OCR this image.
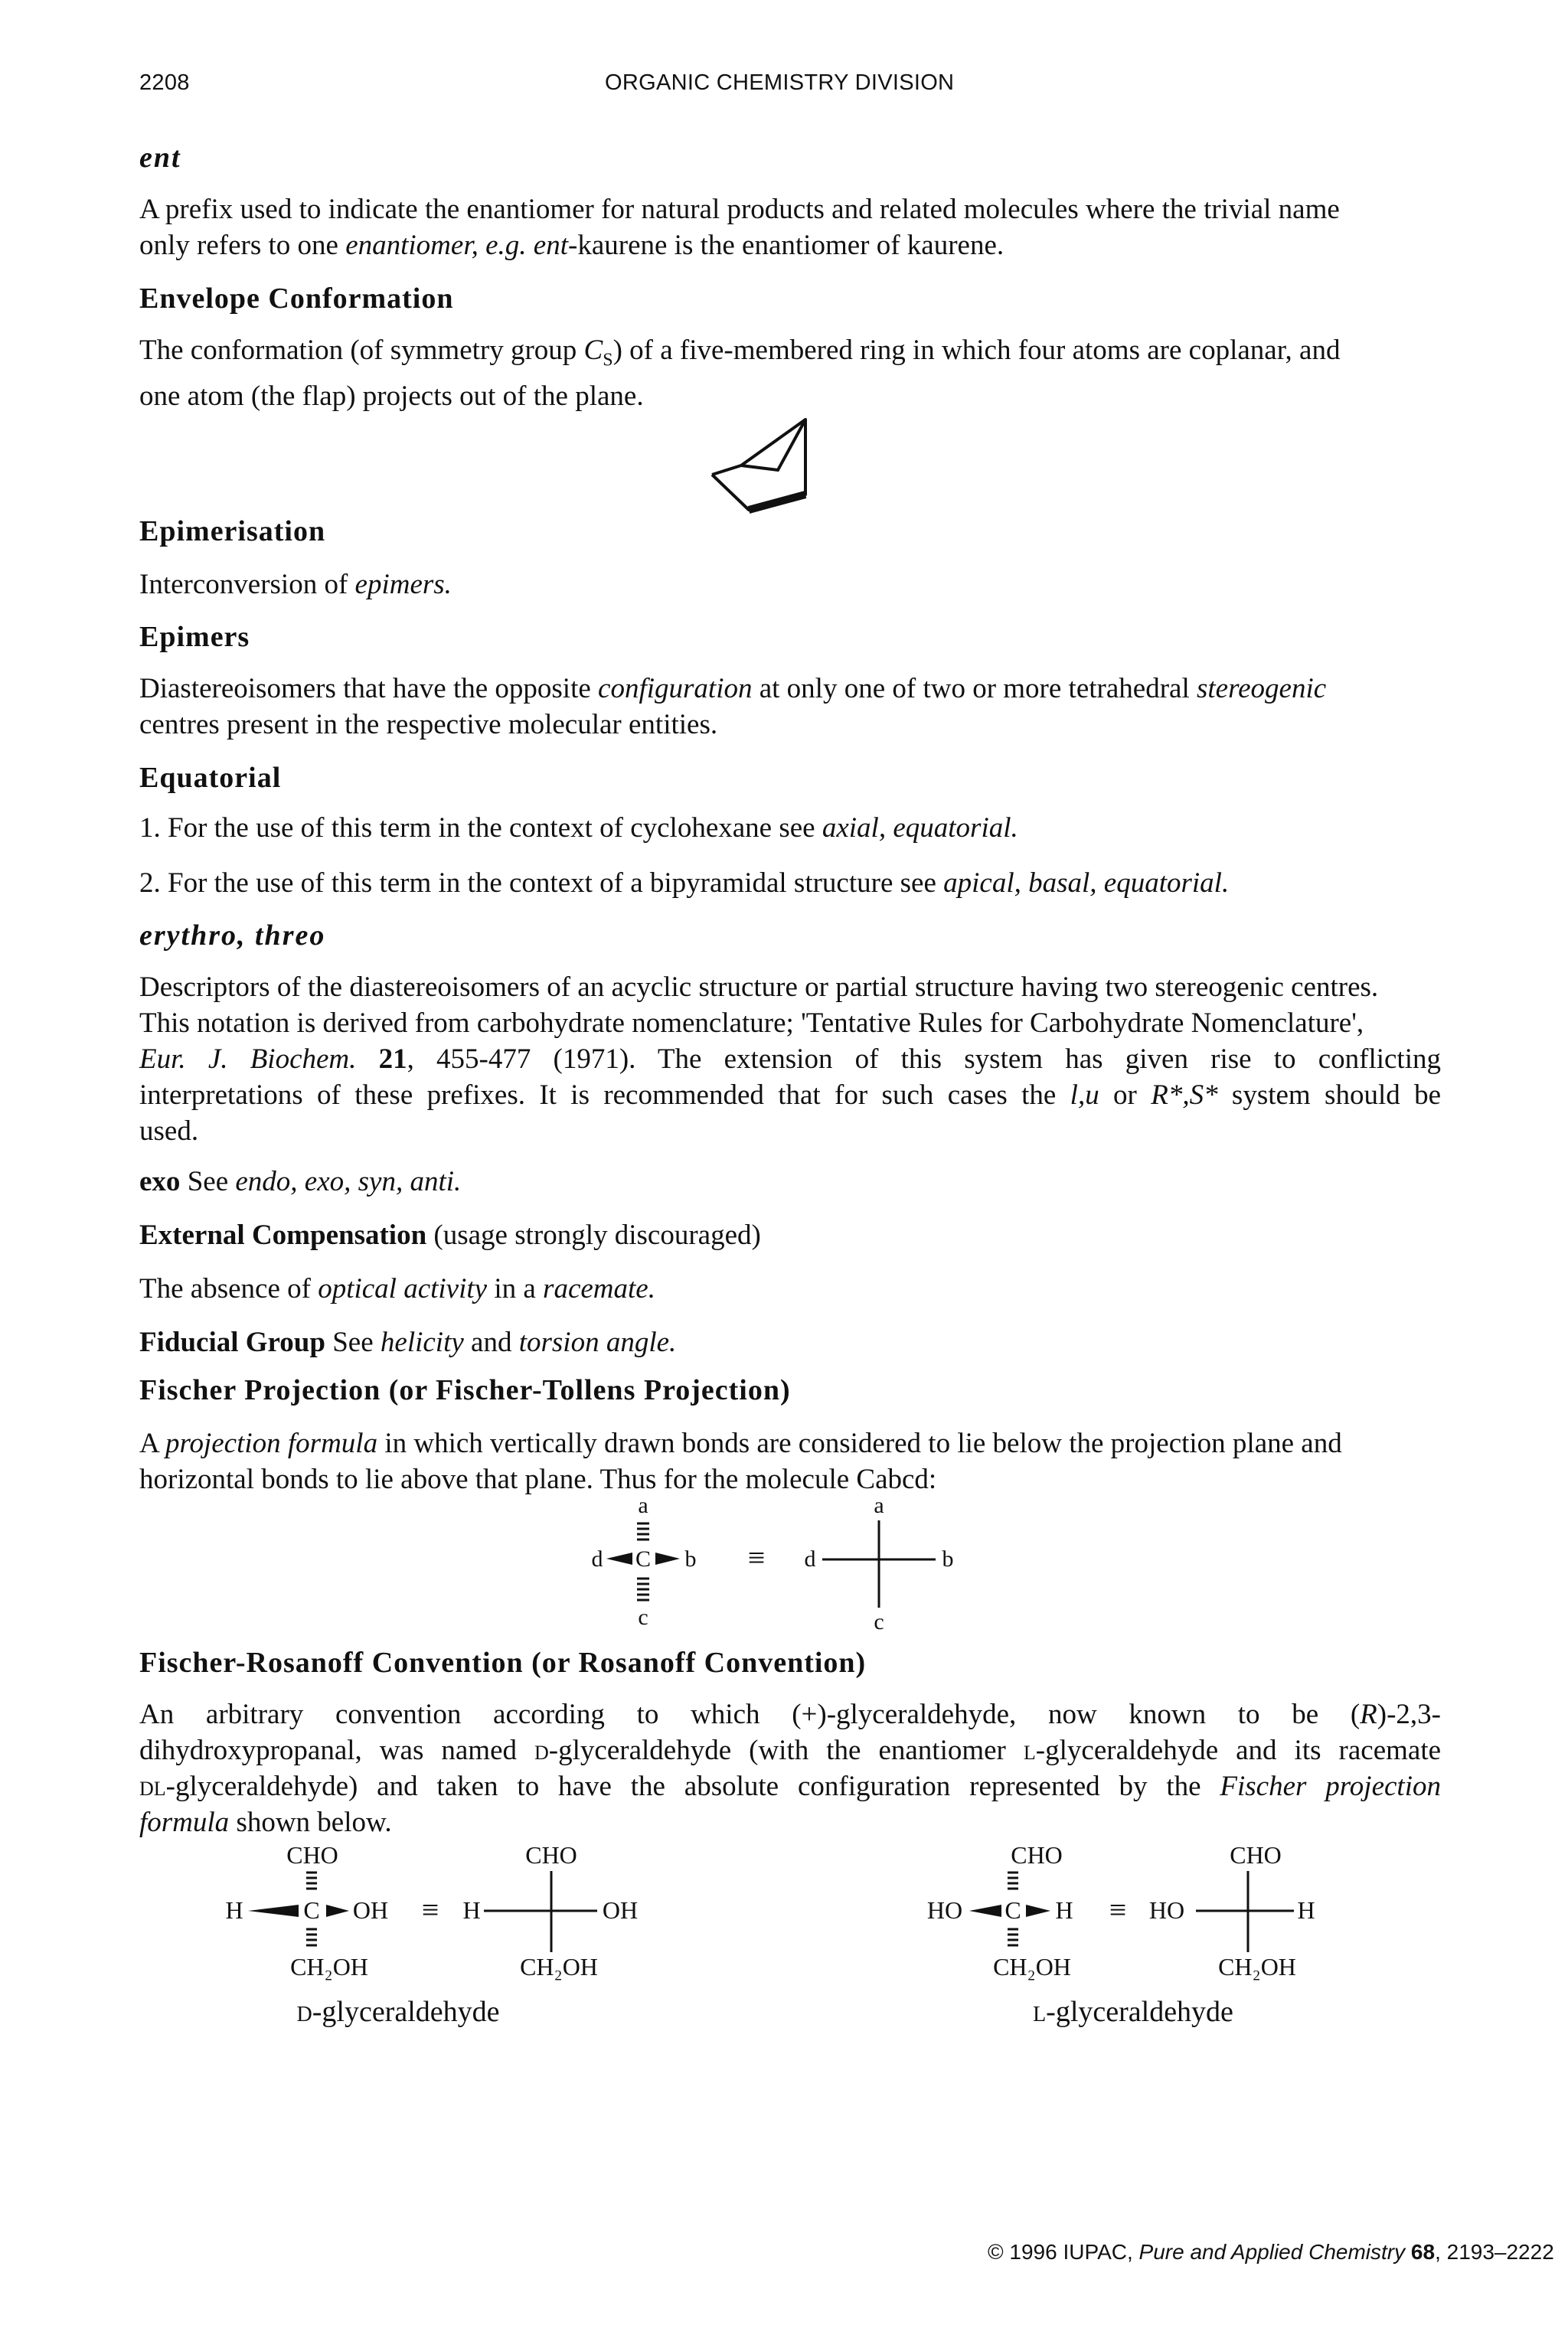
2208	ORGANIC CHEMISTRY DIVISION
ent
A prefix used to indicate the enantiomer for natural products and related molecules where the trivial name
only refers to one enantiomer, e.g. ent-kaurene is the enantiomer of kaurene.
Envelope Conformation
The conformation (of symmetry group $C_S$) of a five-membered ring in which four atoms are coplanar, and
one atom (the flap) projects out of the plane.
Epimerisation
Interconversion of epimers.
Epimers
Diastereoisomers that have the opposite configuration at only one of two or more tetrahedral stereogenic
centres present in the respective molecular entities.
Equatorial
1. For the use of this term in the context of cyclohexane see axial, equatorial.
2. For the use of this term in the context of a bipyramidal structure see apical, basal, equatorial.
erythro, threo
Descriptors of the diastereoisomers of an acyclic structure or partial structure having two stereogenic centres.
This notation is derived from carbohydrate nomenclature; 'Tentative Rules for Carbohydrate Nomenclature',
Eur. J. Biochem. 21, 455-477 (1971). The extension of this system has given rise to conflicting
interpretations of these prefixes. It is recommended that for such cases the l,u or R*,S* system should be
used.
exo See endo, exo, syn, anti.
External Compensation (usage strongly discouraged)
The absence of optical activity in a racemate.
Fiducial Group See helicity and torsion angle.
Fischer Projection (or Fischer-Tollens Projection)
A projection formula in which vertically drawn bonds are considered to lie below the projection plane and
horizontal bonds to lie above that plane. Thus for the molecule Cabcd:
a
C
d	b
c
≡
a
d	b
c
Fischer-Rosanoff Convention (or Rosanoff Convention)
An arbitrary convention according to which (+)-glyceraldehyde, now known to be (R)-2,3-
dihydroxypropanal, was named d-glyceraldehyde (with the enantiomer l-glyceraldehyde and its racemate
dl-glyceraldehyde) and taken to have the absolute configuration represented by the Fischer projection
formula shown below.
CHO
H C OH
CH₂OH
≡
CHO
H	OH
CH₂OH
D-glyceraldehyde
CHO
HO C H
CH₂OH
≡
CHO
HO	H
CH₂OH
L-glyceraldehyde
© 1996 IUPAC, Pure and Applied Chemistry 68, 2193–2222
